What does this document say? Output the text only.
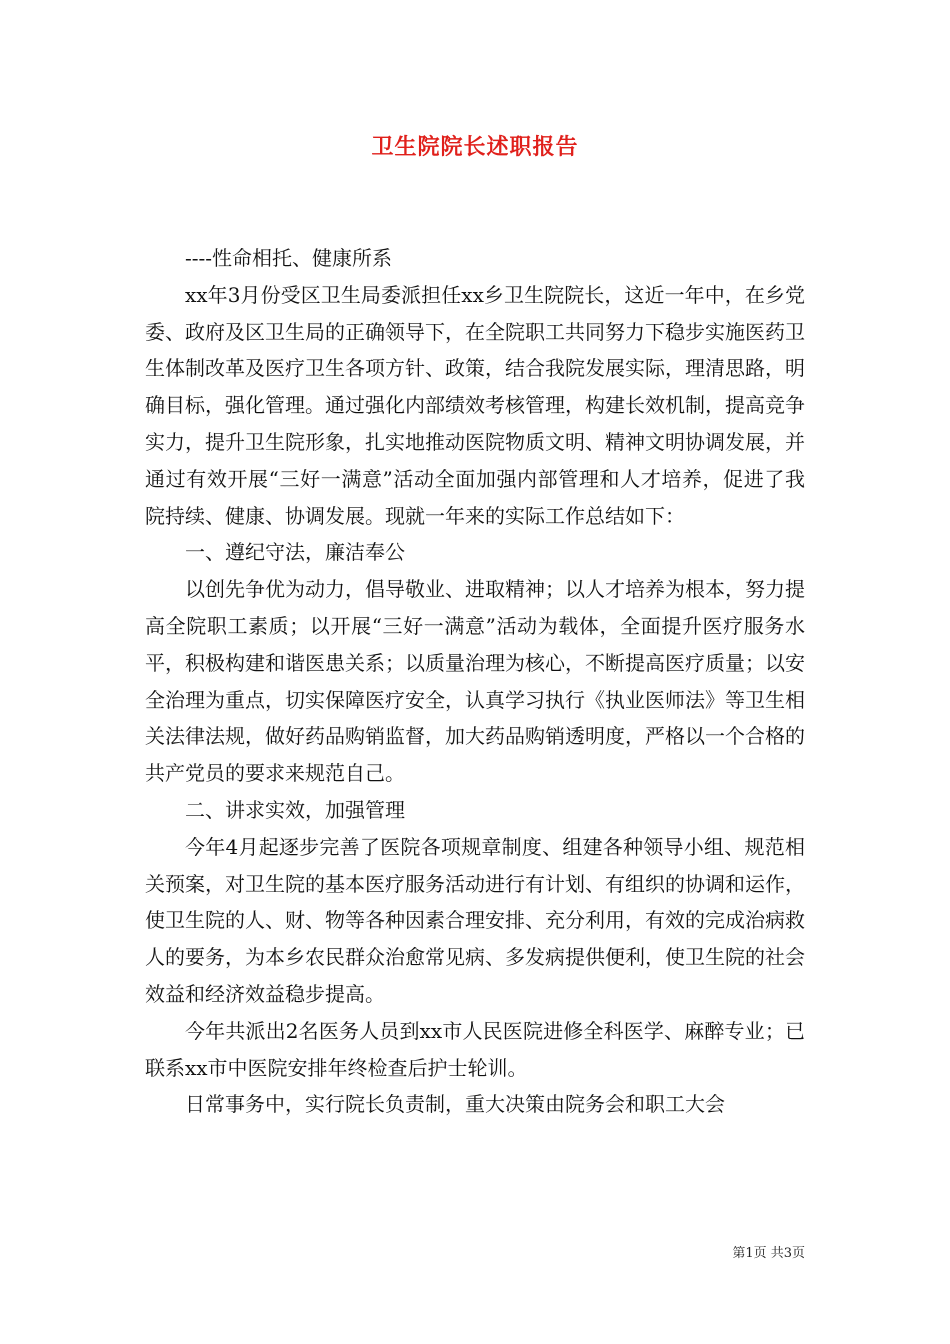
卫生院院长述职报告

----性命相托、健康所系

xx年3月份受区卫生局委派担任xx乡卫生院院长，这近一年中，在乡党委、政府及区卫生局的正确领导下，在全院职工共同努力下稳步实施医药卫生体制改革及医疗卫生各项方针、政策，结合我院发展实际，理清思路，明确目标，强化管理。通过强化内部绩效考核管理，构建长效机制，提高竞争实力，提升卫生院形象，扎实地推动医院物质文明、精神文明协调发展，并通过有效开展“三好一满意”活动全面加强内部管理和人才培养，促进了我院持续、健康、协调发展。现就一年来的实际工作总结如下：

一、遵纪守法，廉洁奉公

以创先争优为动力，倡导敬业、进取精神；以人才培养为根本，努力提高全院职工素质；以开展“三好一满意”活动为载体，全面提升医疗服务水平，积极构建和谐医患关系；以质量治理为核心，不断提高医疗质量；以安全治理为重点，切实保障医疗安全，认真学习执行《执业医师法》等卫生相关法律法规，做好药品购销监督，加大药品购销透明度，严格以一个合格的共产党员的要求来规范自己。

二、讲求实效，加强管理

今年4月起逐步完善了医院各项规章制度、组建各种领导小组、规范相关预案，对卫生院的基本医疗服务活动进行有计划、有组织的协调和运作，使卫生院的人、财、物等各种因素合理安排、充分利用，有效的完成治病救人的要务，为本乡农民群众治愈常见病、多发病提供便利，使卫生院的社会效益和经济效益稳步提高。

今年共派出2名医务人员到xx市人民医院进修全科医学、麻醉专业；已联系xx市中医院安排年终检查后护士轮训。

日常事务中，实行院长负责制，重大决策由院务会和职工大会

第1页 共3页
